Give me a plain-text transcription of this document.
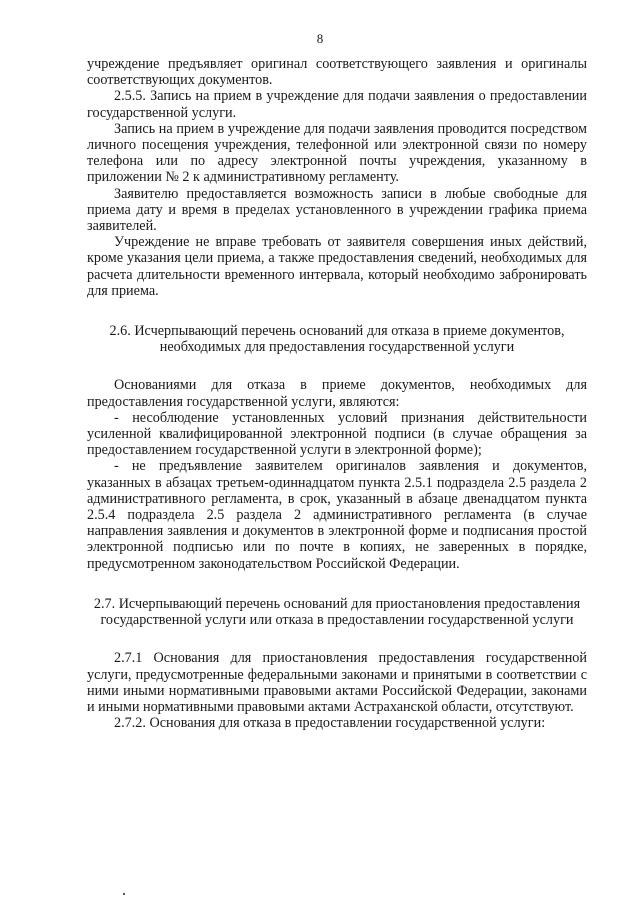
8

учреждение предъявляет оригинал соответствующего заявления и оригиналы соответствующих документов.

2.5.5. Запись на прием в учреждение для подачи заявления о предоставлении государственной услуги.

Запись на прием в учреждение для подачи заявления проводится посредством личного посещения учреждения, телефонной или электронной связи по номеру телефона или по адресу электронной почты учреждения, указанному в приложении № 2 к административному регламенту.

Заявителю предоставляется возможность записи в любые свободные для приема дату и время в пределах установленного в учреждении графика приема заявителей.

Учреждение не вправе требовать от заявителя совершения иных действий, кроме указания цели приема, а также предоставления сведений, необходимых для расчета длительности временного интервала, который необходимо забронировать для приема.

2.6. Исчерпывающий перечень оснований для отказа в приеме документов, необходимых для предоставления государственной услуги

Основаниями для отказа в приеме документов, необходимых для предоставления государственной услуги, являются:

- несоблюдение установленных условий признания действительности усиленной квалифицированной электронной подписи (в случае обращения за предоставлением государственной услуги в электронной форме);

- не предъявление заявителем оригиналов заявления и документов, указанных в абзацах третьем-одиннадцатом пункта 2.5.1 подраздела 2.5 раздела 2 административного регламента, в срок, указанный в абзаце двенадцатом пункта 2.5.4 подраздела 2.5 раздела 2 административного регламента (в случае направления заявления и документов в электронной форме и подписания простой электронной подписью или по почте в копиях, не заверенных в порядке, предусмотренном законодательством Российской Федерации.

2.7. Исчерпывающий перечень оснований для приостановления предоставления государственной услуги или отказа в предоставлении государственной услуги

2.7.1 Основания для приостановления предоставления государственной услуги, предусмотренные федеральными законами и принятыми в соответствии с ними иными нормативными правовыми актами Российской Федерации, законами и иными нормативными правовыми актами Астраханской области, отсутствуют.

2.7.2. Основания для отказа в предоставлении государственной услуги:
